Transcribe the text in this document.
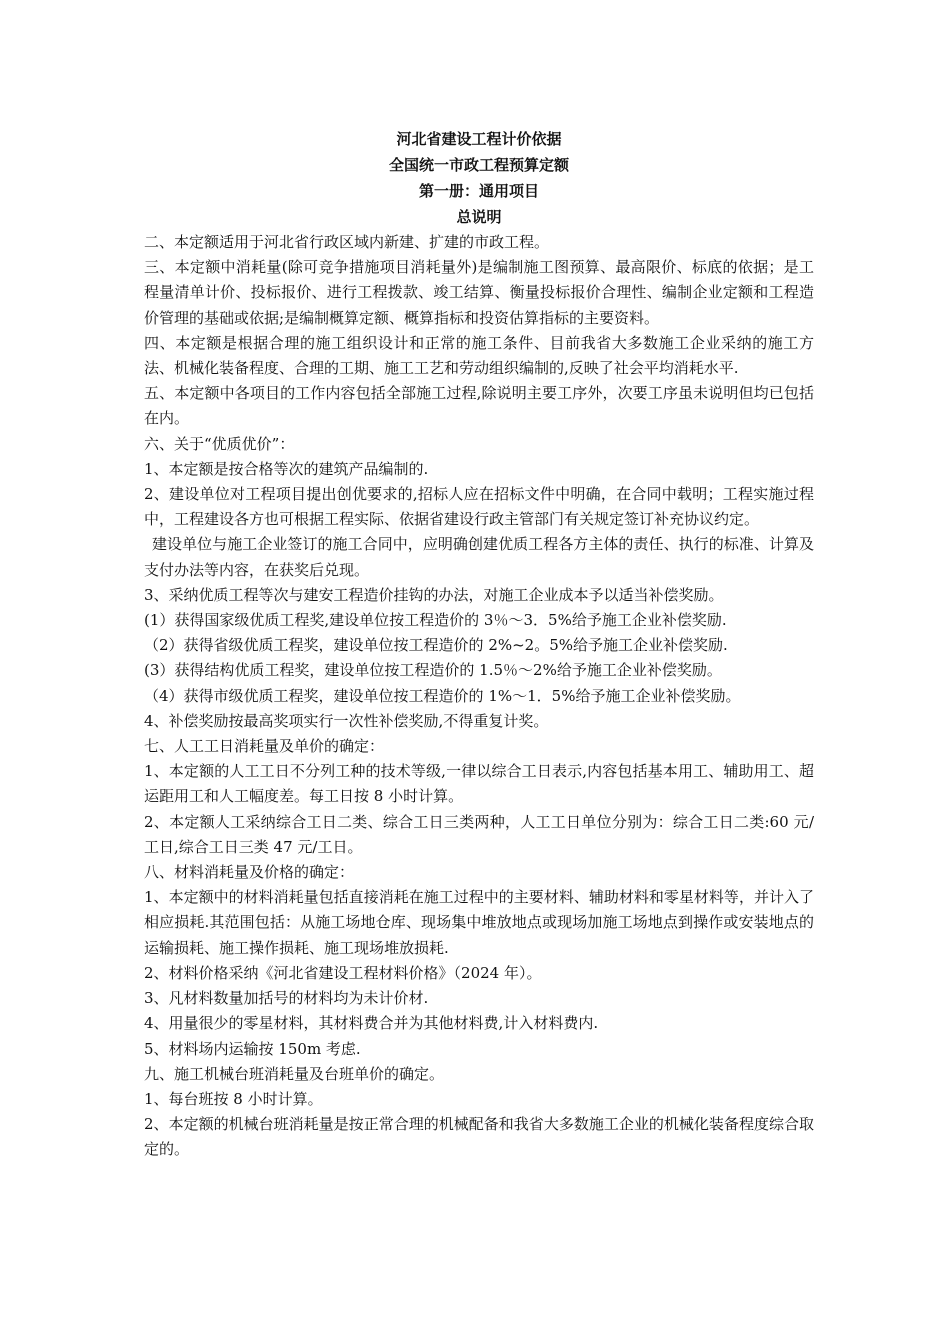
河北省建设工程计价依据

全国统一市政工程预算定额

第一册：通用项目

总说明

二、本定额适用于河北省行政区域内新建、扩建的市政工程。

三、本定额中消耗量(除可竞争措施项目消耗量外)是编制施工图预算、最高限价、标底的依据；是工程量清单计价、投标报价、进行工程拨款、竣工结算、衡量投标报价合理性、编制企业定额和工程造价管理的基础或依据;是编制概算定额、概算指标和投资估算指标的主要资料。

四、本定额是根据合理的施工组织设计和正常的施工条件、目前我省大多数施工企业采纳的施工方法、机械化装备程度、合理的工期、施工工艺和劳动组织编制的,反映了社会平均消耗水平.

五、本定额中各项目的工作内容包括全部施工过程,除说明主要工序外，次要工序虽未说明但均已包括在内。

六、关于“优质优价”：

1、本定额是按合格等次的建筑产品编制的.

2、建设单位对工程项目提出创优要求的,招标人应在招标文件中明确，在合同中载明；工程实施过程中，工程建设各方也可根据工程实际、依据省建设行政主管部门有关规定签订补充协议约定。

建设单位与施工企业签订的施工合同中，应明确创建优质工程各方主体的责任、执行的标准、计算及支付办法等内容，在获奖后兑现。

3、采纳优质工程等次与建安工程造价挂钩的办法，对施工企业成本予以适当补偿奖励。

(1）获得国家级优质工程奖,建设单位按工程造价的 3％～3．5%给予施工企业补偿奖励.

（2）获得省级优质工程奖，建设单位按工程造价的 2%~2。5%给予施工企业补偿奖励.

(3）获得结构优质工程奖，建设单位按工程造价的 1.5％～2%给予施工企业补偿奖励。

（4）获得市级优质工程奖，建设单位按工程造价的 1%～1．5%给予施工企业补偿奖励。

4、补偿奖励按最高奖项实行一次性补偿奖励,不得重复计奖。

七、人工工日消耗量及单价的确定：

1、本定额的人工工日不分列工种的技术等级,一律以综合工日表示,内容包括基本用工、辅助用工、超运距用工和人工幅度差。每工日按 8 小时计算。

2、本定额人工采纳综合工日二类、综合工日三类两种，人工工日单位分别为：综合工日二类:60 元/工日,综合工日三类 47 元/工日。

八、材料消耗量及价格的确定：

1、本定额中的材料消耗量包括直接消耗在施工过程中的主要材料、辅助材料和零星材料等，并计入了相应损耗.其范围包括：从施工场地仓库、现场集中堆放地点或现场加施工场地点到操作或安装地点的运输损耗、施工操作损耗、施工现场堆放损耗.

2、材料价格采纳《河北省建设工程材料价格》（2024 年）。

3、凡材料数量加括号的材料均为未计价材.

4、用量很少的零星材料，其材料费合并为其他材料费,计入材料费内.

5、材料场内运输按 150m 考虑.

九、施工机械台班消耗量及台班单价的确定。

1、每台班按 8 小时计算。

2、本定额的机械台班消耗量是按正常合理的机械配备和我省大多数施工企业的机械化装备程度综合取定的。
